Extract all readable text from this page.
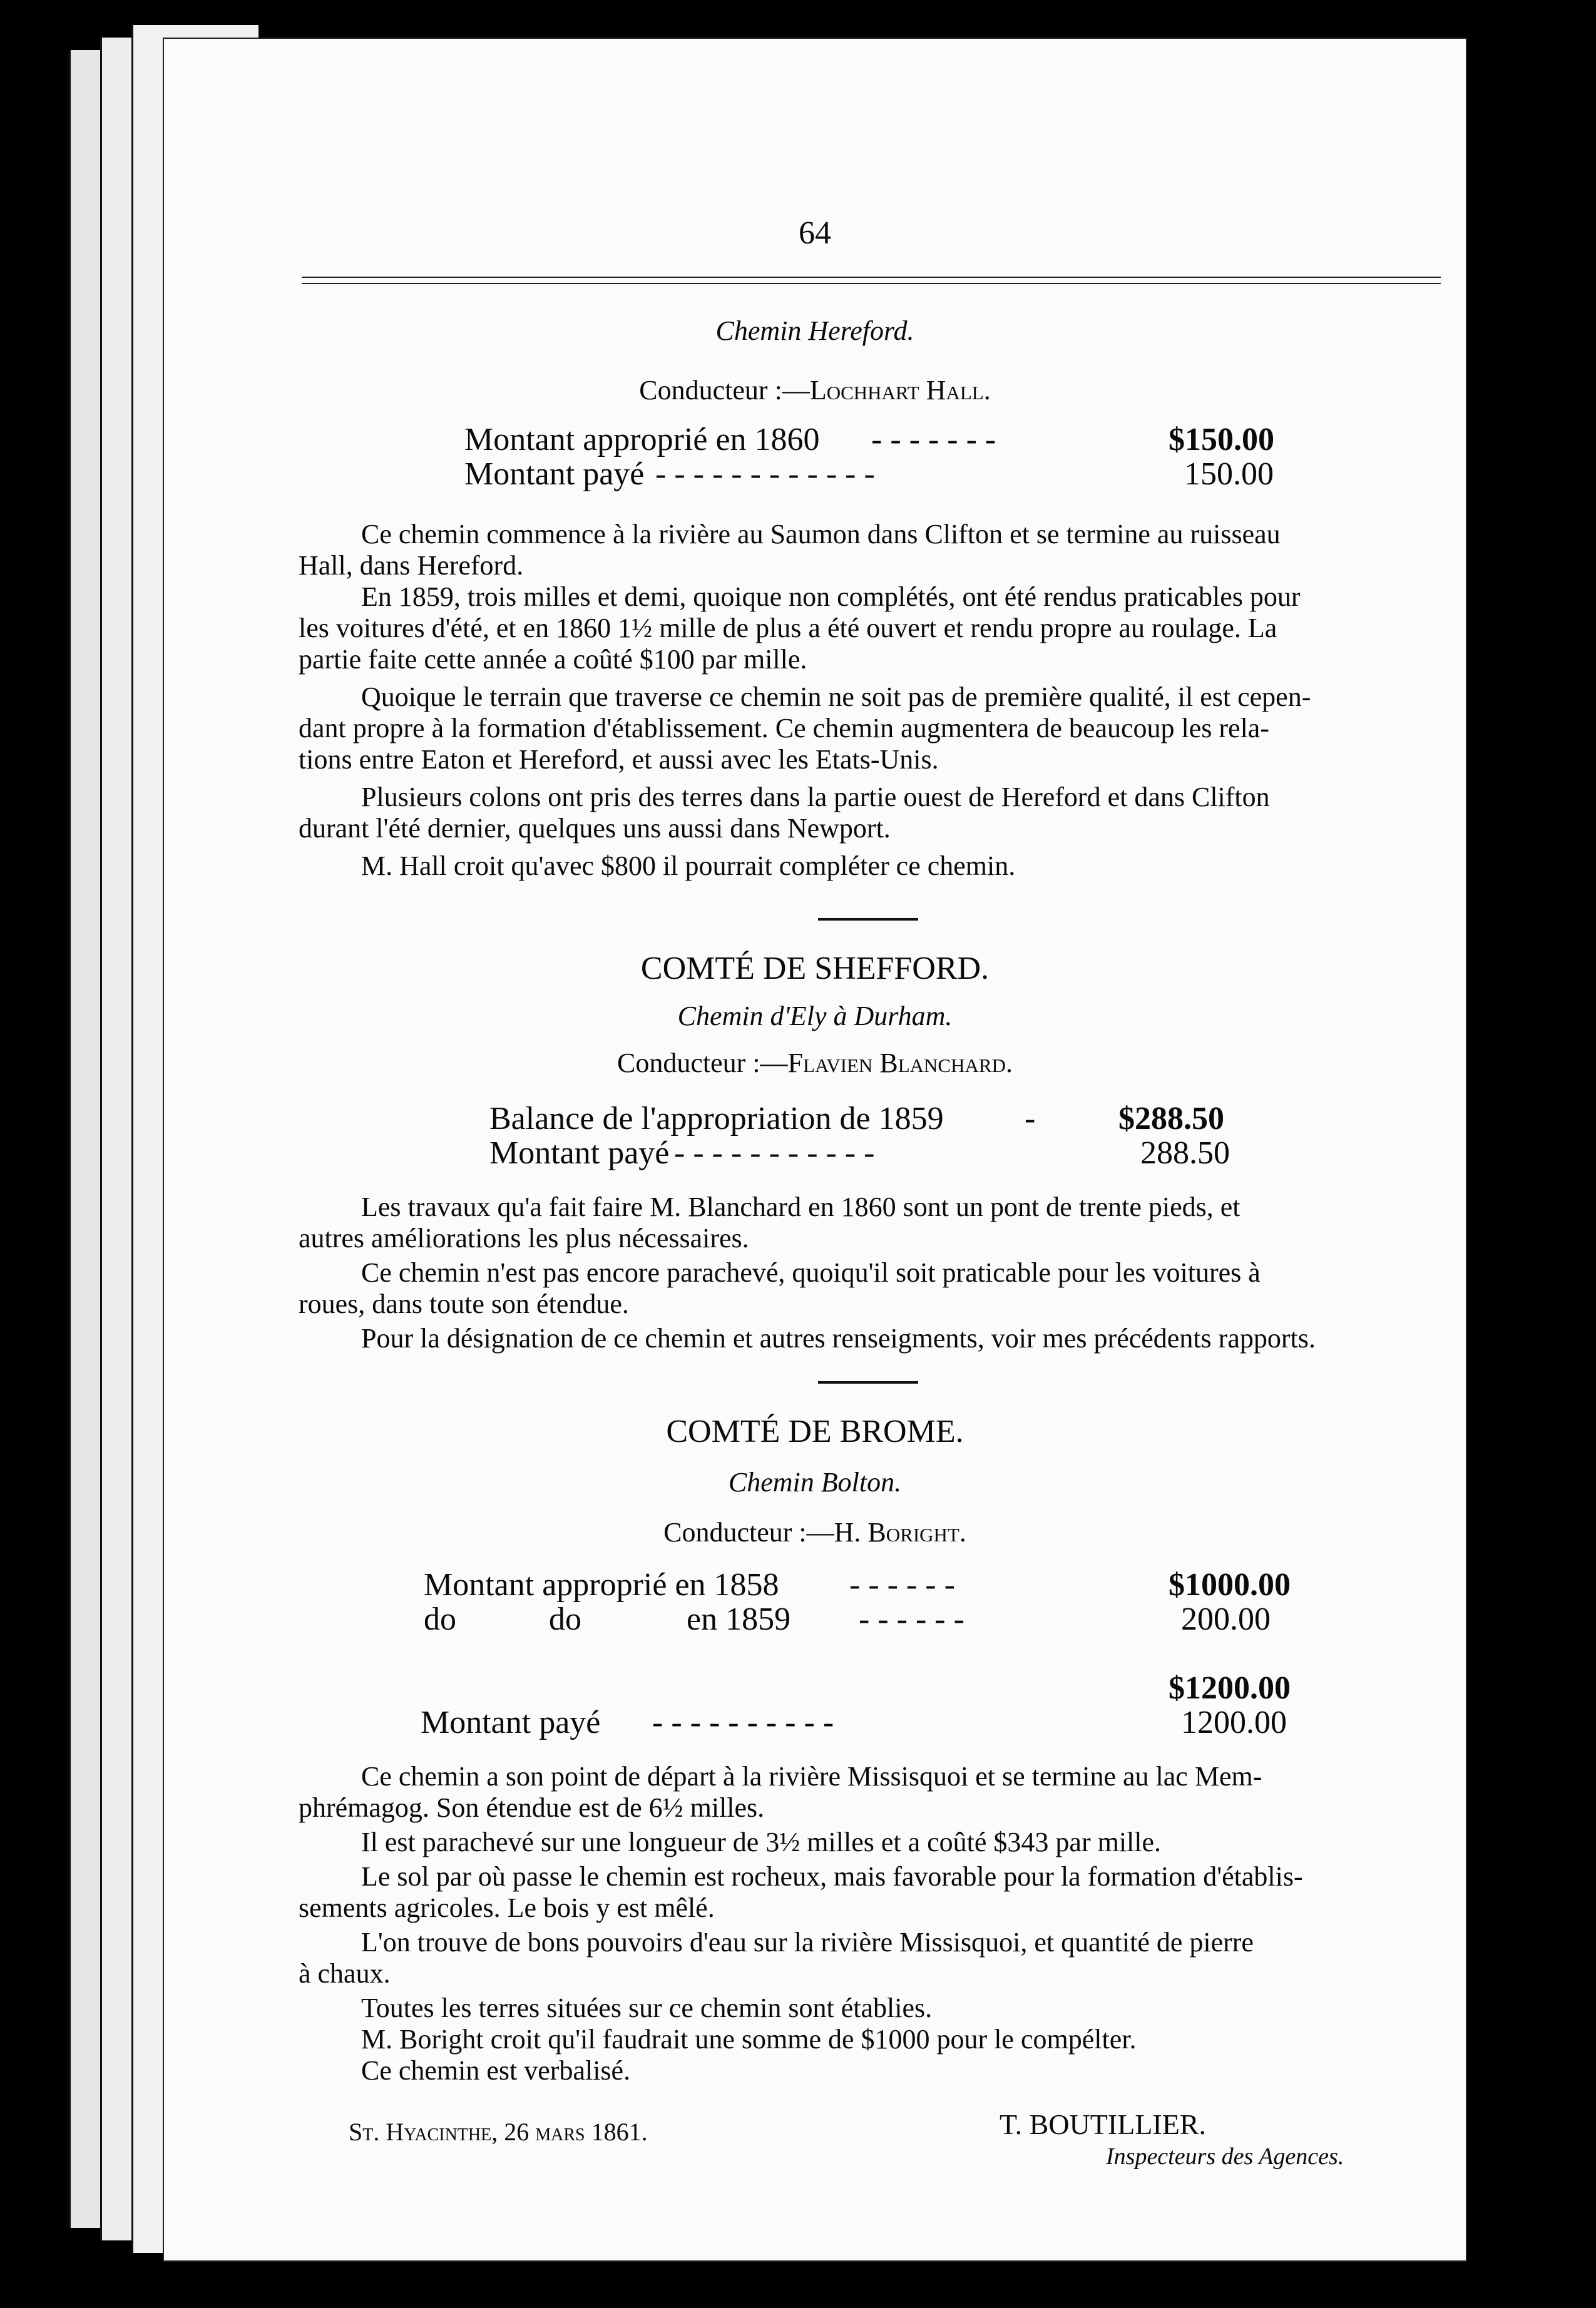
64
Chemin Hereford.
Conducteur :—Lochhart Hall.
Montant approprié en 1860 - - - - - - -	$150.00
Montant payé - - - - - - - - - - - -	150.00
Ce chemin commence à la rivière au Saumon dans Clifton et se termine au ruisseau
Hall, dans Hereford.
En 1859, trois milles et demi, quoique non complétés, ont été rendus praticables pour
les voitures d'été, et en 1860 1½ mille de plus a été ouvert et rendu propre au roulage. La
partie faite cette année a coûté $100 par mille.
Quoique le terrain que traverse ce chemin ne soit pas de première qualité, il est cepen-
dant propre à la formation d'établissement. Ce chemin augmentera de beaucoup les rela-
tions entre Eaton et Hereford, et aussi avec les Etats-Unis.
Plusieurs colons ont pris des terres dans la partie ouest de Hereford et dans Clifton
durant l'été dernier, quelques uns aussi dans Newport.
M. Hall croit qu'avec $800 il pourrait compléter ce chemin.
COMTÉ DE SHEFFORD.
Chemin d'Ely à Durham.
Conducteur :—Flavien Blanchard.
Balance de l'appropriation de 1859 -	$288.50
Montant payé - - - - - - - - - - -	288.50
Les travaux qu'a fait faire M. Blanchard en 1860 sont un pont de trente pieds, et
autres améliorations les plus nécessaires.
Ce chemin n'est pas encore parachevé, quoiqu'il soit praticable pour les voitures à
roues, dans toute son étendue.
Pour la désignation de ce chemin et autres renseigments, voir mes précédents rapports.
COMTÉ DE BROME.
Chemin Bolton.
Conducteur :—H. Boright.
Montant approprié en 1858 - - - - - -	$1000.00
do	do	en 1859 - - - - - -	200.00
$1200.00
Montant payé - - - - - - - - - -	1200.00
Ce chemin a son point de départ à la rivière Missisquoi et se termine au lac Mem-
phrémagog. Son étendue est de 6½ milles.
Il est parachevé sur une longueur de 3½ milles et a coûté $343 par mille.
Le sol par où passe le chemin est rocheux, mais favorable pour la formation d'établis-
sements agricoles. Le bois y est mêlé.
L'on trouve de bons pouvoirs d'eau sur la rivière Missisquoi, et quantité de pierre
à chaux.
Toutes les terres situées sur ce chemin sont établies.
M. Boright croit qu'il faudrait une somme de $1000 pour le compélter.
Ce chemin est verbalisé.
St. Hyacinthe, 26 mars 1861.	T. BOUTILLIER.
Inspecteurs des Agences.
